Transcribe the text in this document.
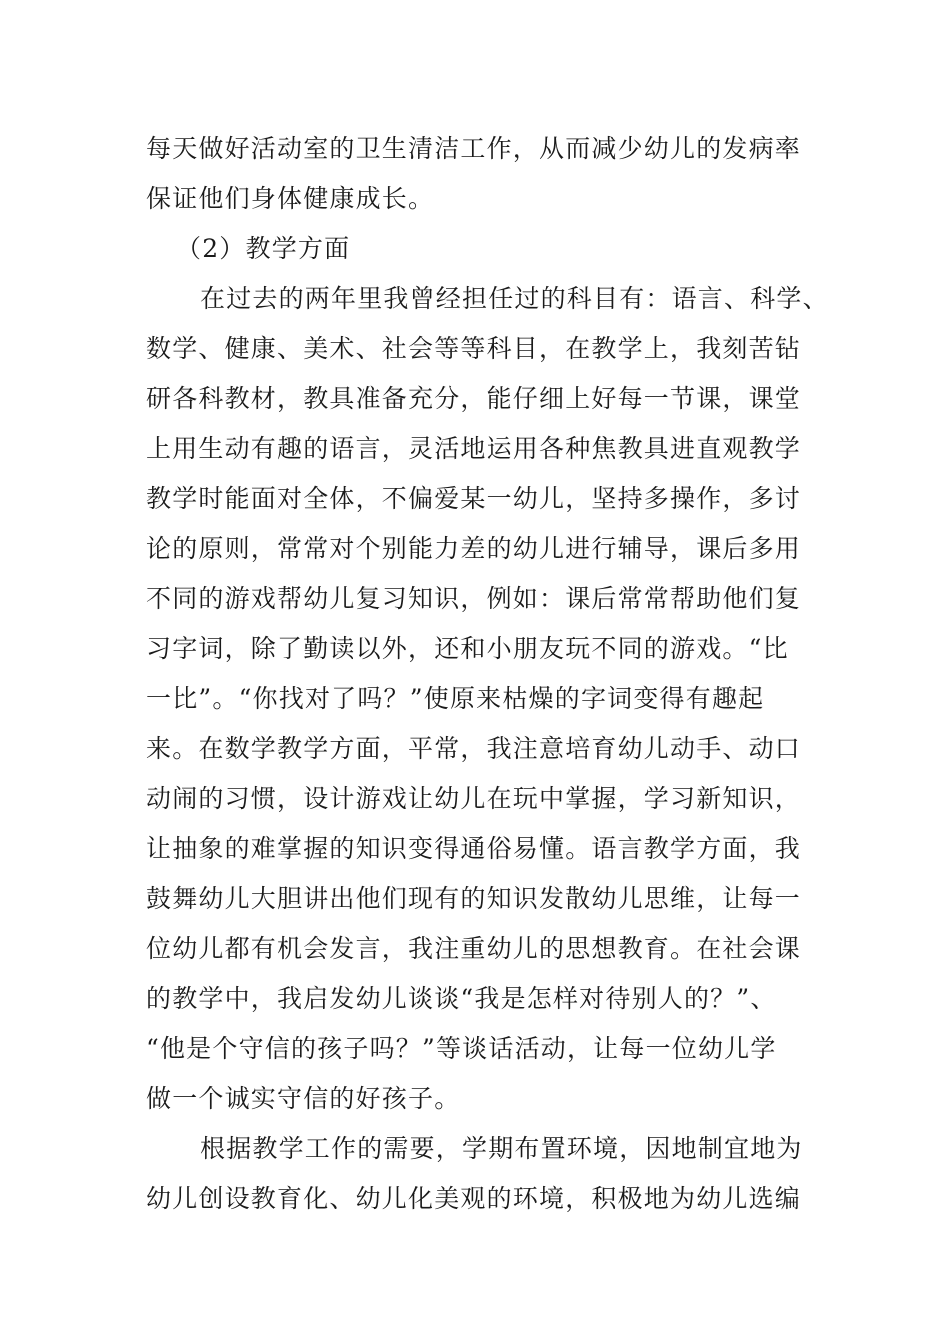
每天做好活动室的卫生清洁工作，从而减少幼儿的发病率
保证他们身体健康成长。
（2）教学方面
在过去的两年里我曾经担任过的科目有：语言、科学、
数学、健康、美术、社会等等科目，在教学上，我刻苦钻
研各科教材，教具准备充分，能仔细上好每一节课，课堂
上用生动有趣的语言，灵活地运用各种焦教具进直观教学
教学时能面对全体，不偏爱某一幼儿，坚持多操作，多讨
论的原则，常常对个别能力差的幼儿进行辅导，课后多用
不同的游戏帮幼儿复习知识，例如：课后常常帮助他们复
习字词，除了勤读以外，还和小朋友玩不同的游戏。“比
一比”。“你找对了吗？”使原来枯燥的字词变得有趣起
来。在数学教学方面，平常，我注意培育幼儿动手、动口
动闹的习惯，设计游戏让幼儿在玩中掌握，学习新知识，
让抽象的难掌握的知识变得通俗易懂。语言教学方面，我
鼓舞幼儿大胆讲出他们现有的知识发散幼儿思维，让每一
位幼儿都有机会发言，我注重幼儿的思想教育。在社会课
的教学中，我启发幼儿谈谈“我是怎样对待别人的？”、
“他是个守信的孩子吗？”等谈话活动，让每一位幼儿学
做一个诚实守信的好孩子。
根据教学工作的需要，学期布置环境，因地制宜地为
幼儿创设教育化、幼儿化美观的环境，积极地为幼儿选编
